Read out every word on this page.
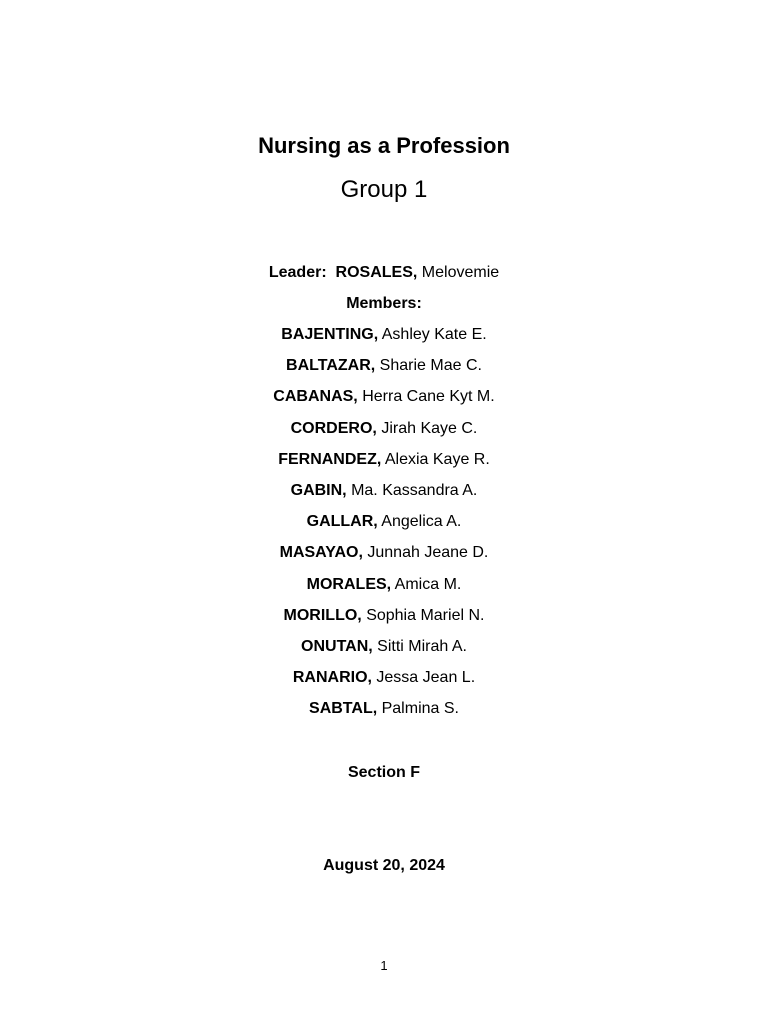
Nursing as a Profession
Group 1
Leader: ROSALES, Melovemie
Members:
BAJENTING, Ashley Kate E.
BALTAZAR, Sharie Mae C.
CABANAS, Herra Cane Kyt M.
CORDERO, Jirah Kaye C.
FERNANDEZ, Alexia Kaye R.
GABIN, Ma. Kassandra A.
GALLAR, Angelica A.
MASAYAO, Junnah Jeane D.
MORALES, Amica M.
MORILLO, Sophia Mariel N.
ONUTAN, Sitti Mirah A.
RANARIO, Jessa Jean L.
SABTAL, Palmina S.
Section F
August 20, 2024
1
